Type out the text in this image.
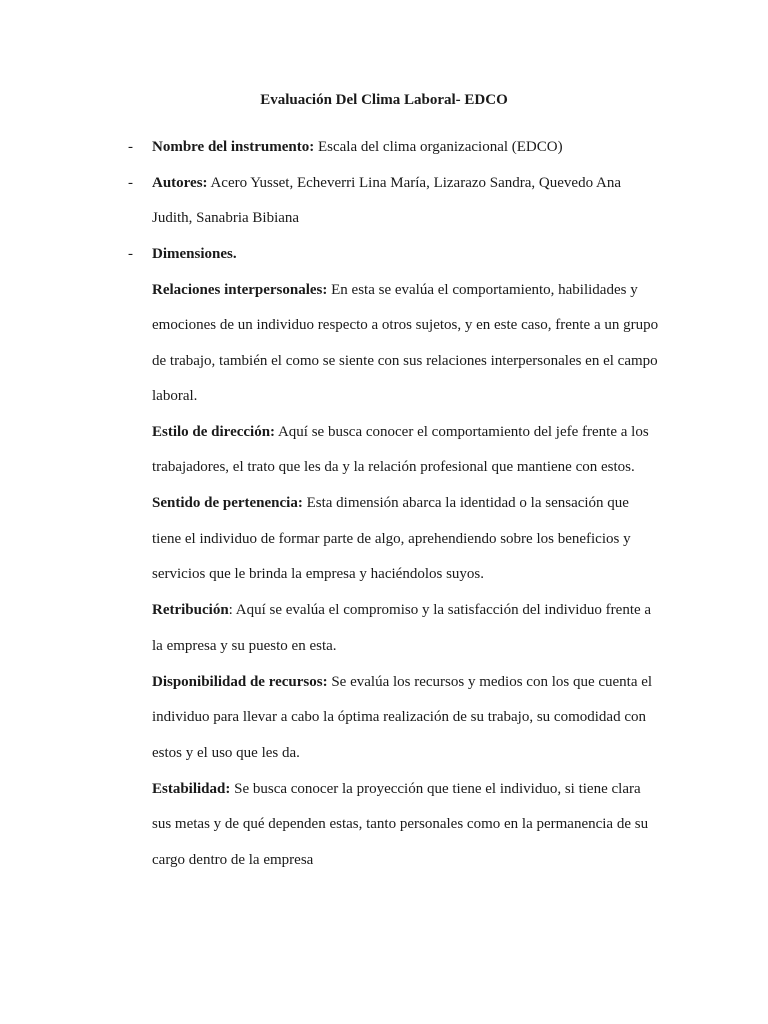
Evaluación Del Clima Laboral- EDCO
- Nombre del instrumento: Escala del clima organizacional (EDCO)
- Autores: Acero Yusset, Echeverri Lina María, Lizarazo Sandra, Quevedo Ana
Judith, Sanabria Bibiana
- Dimensiones.
Relaciones interpersonales: En esta se evalúa el comportamiento, habilidades y
emociones de un individuo respecto a otros sujetos, y en este caso, frente a un grupo
de trabajo, también el como se siente con sus relaciones interpersonales en el campo
laboral.
Estilo de dirección: Aquí se busca conocer el comportamiento del jefe frente a los
trabajadores, el trato que les da y la relación profesional que mantiene con estos.
Sentido de pertenencia: Esta dimensión abarca la identidad o la sensación que
tiene el individuo de formar parte de algo, aprehendiendo sobre los beneficios y
servicios que le brinda la empresa y haciéndolos suyos.
Retribución: Aquí se evalúa el compromiso y la satisfacción del individuo frente a
la empresa y su puesto en esta.
Disponibilidad de recursos: Se evalúa los recursos y medios con los que cuenta el
individuo para llevar a cabo la óptima realización de su trabajo, su comodidad con
estos y el uso que les da.
Estabilidad: Se busca conocer la proyección que tiene el individuo, si tiene clara
sus metas y de qué dependen estas, tanto personales como en la permanencia de su
cargo dentro de la empresa
